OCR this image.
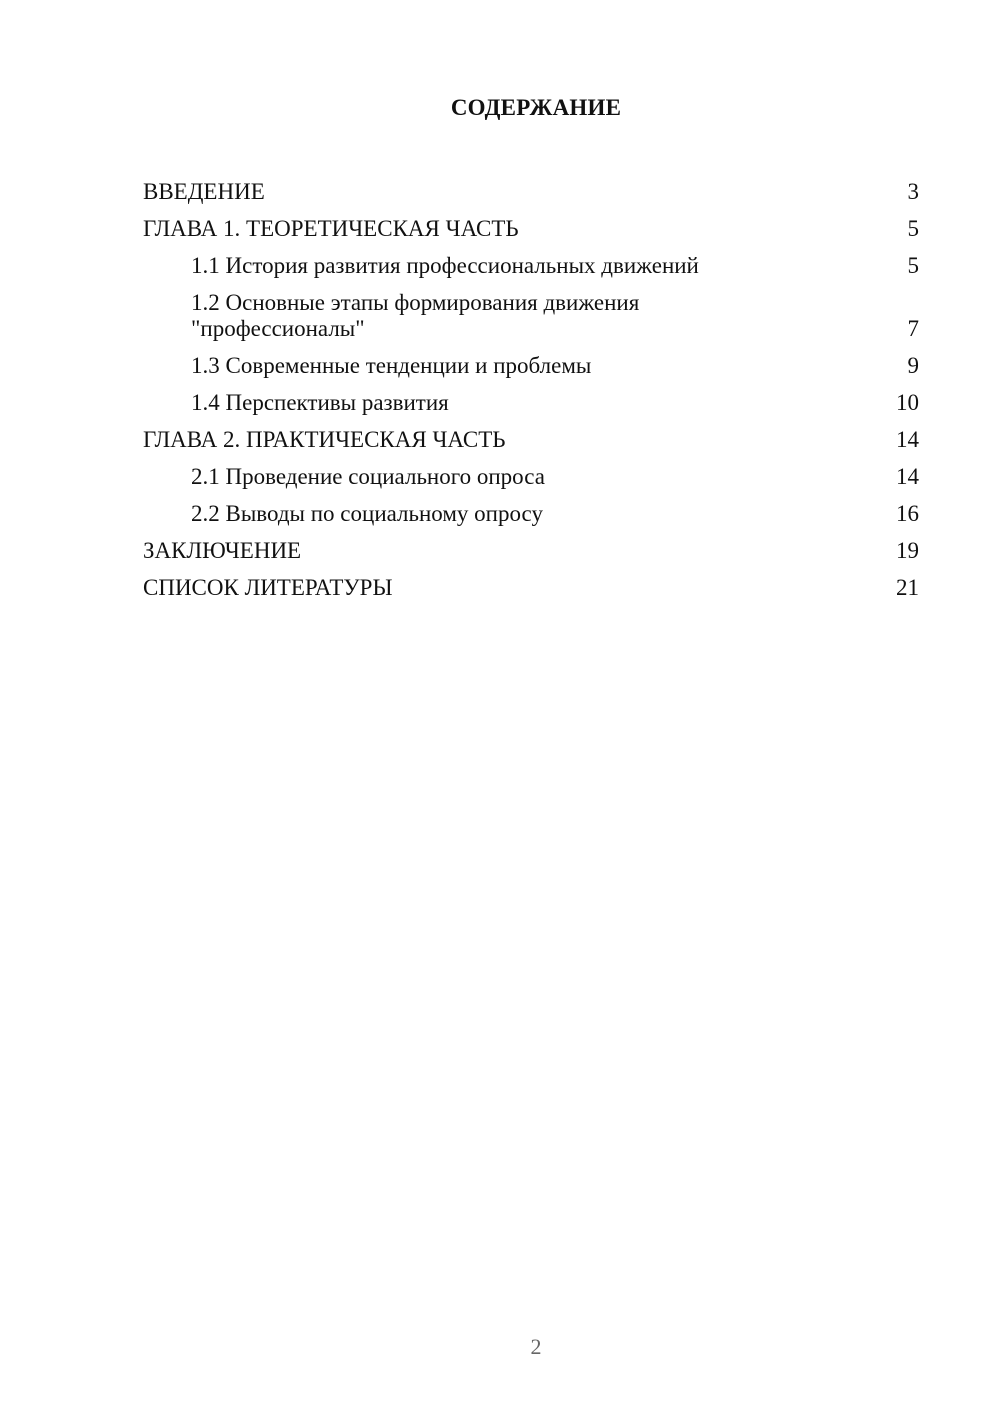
СОДЕРЖАНИЕ
ВВЕДЕНИЕ	3
ГЛАВА 1. ТЕОРЕТИЧЕСКАЯ ЧАСТЬ	5
1.1 История развития профессиональных движений	5
1.2 Основные этапы формирования движения "профессионалы"	7
1.3 Современные тенденции и проблемы	9
1.4 Перспективы развития	10
ГЛАВА 2. ПРАКТИЧЕСКАЯ ЧАСТЬ	14
2.1 Проведение социального опроса	14
2.2 Выводы по социальному опросу	16
ЗАКЛЮЧЕНИЕ	19
СПИСОК ЛИТЕРАТУРЫ	21
2
